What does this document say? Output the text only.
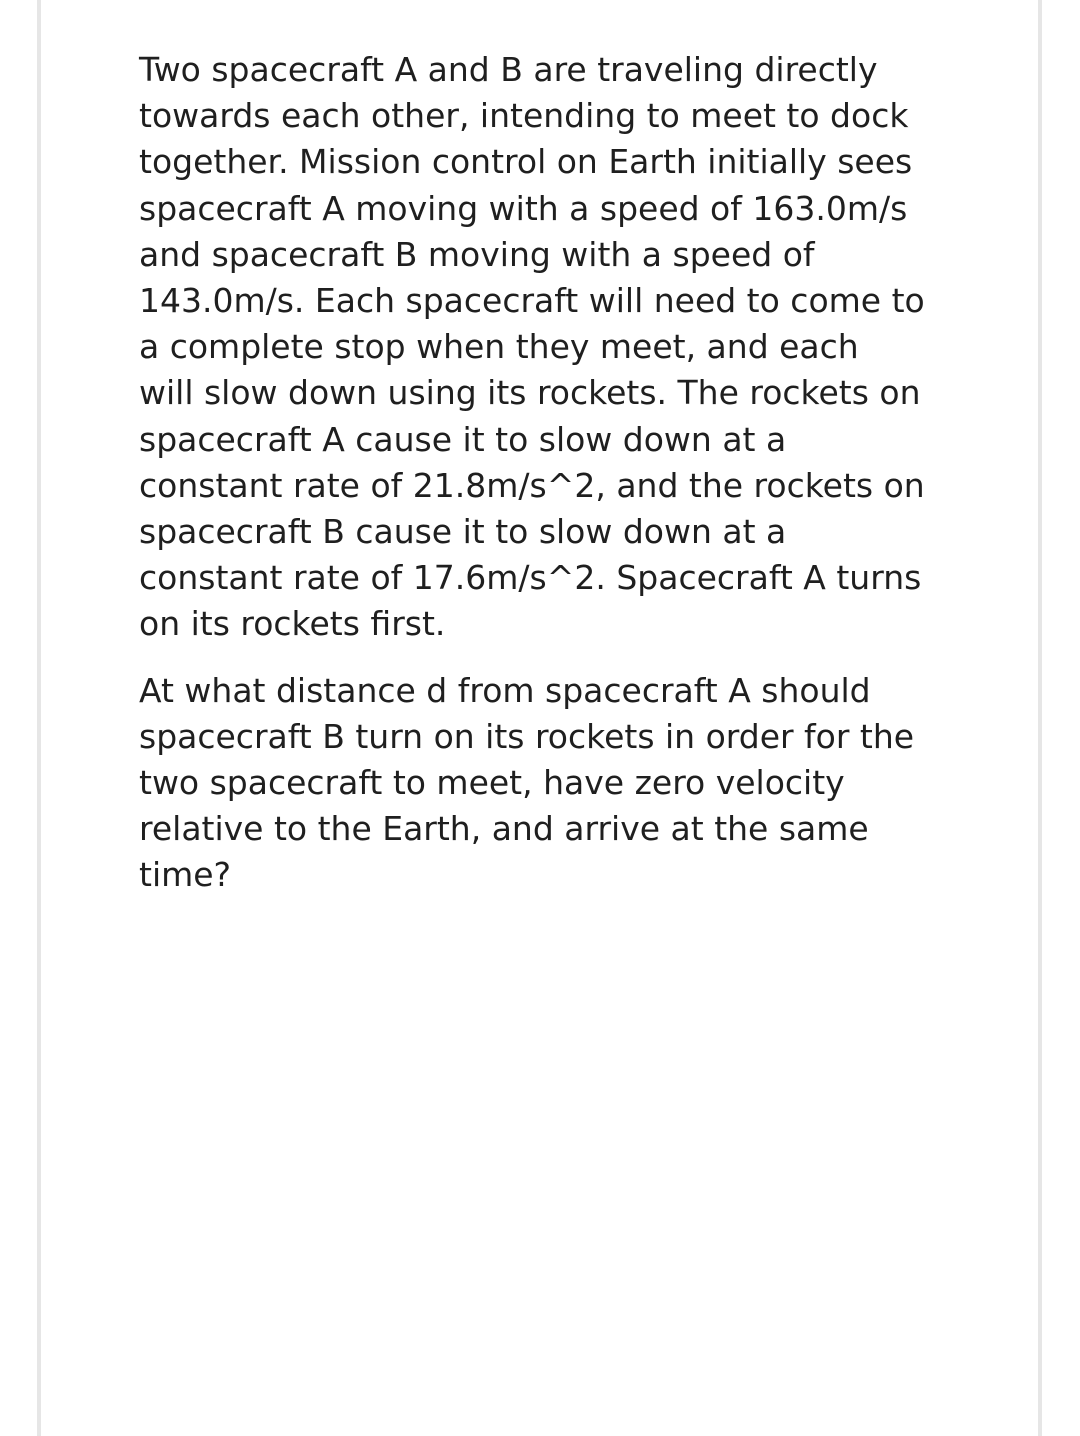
Two spacecraft A and B are traveling directly
towards each other, intending to meet to dock
together. Mission control on Earth initially sees
spacecraft A moving with a speed of 163.0m/s
and spacecraft B moving with a speed of
143.0m/s. Each spacecraft will need to come to
a complete stop when they meet, and each
will slow down using its rockets. The rockets on
spacecraft A cause it to slow down at a
constant rate of 21.8m/s^2, and the rockets on
spacecraft B cause it to slow down at a
constant rate of 17.6m/s^2. Spacecraft A turns
on its rockets first.
At what distance d from spacecraft A should
spacecraft B turn on its rockets in order for the
two spacecraft to meet, have zero velocity
relative to the Earth, and arrive at the same
time?
